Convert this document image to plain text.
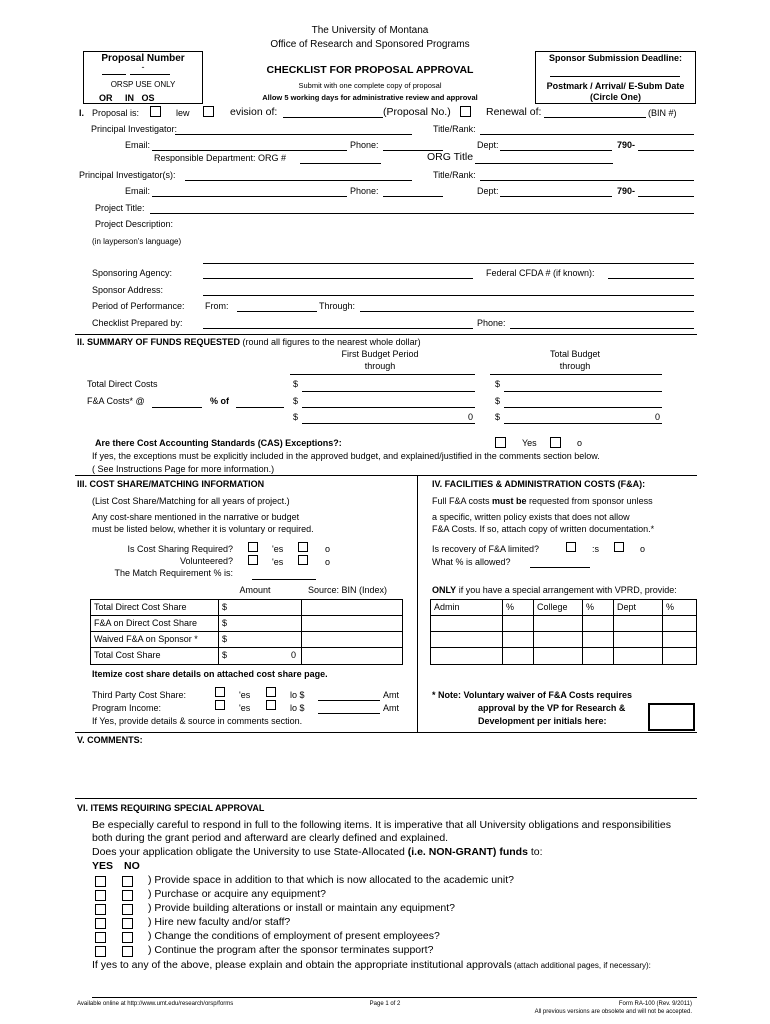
The University of Montana
Office of Research and Sponsored Programs
CHECKLIST FOR PROPOSAL APPROVAL
Submit with one complete copy of proposal
Allow 5 working days for administrative review and approval
Proposal Number
-
ORSP USE ONLY
OR     IN   OS
Sponsor Submission Deadline:
Postmark / Arrival/ E-Subm Date
(Circle One)
I. Proposal is:	lew	evision of:	(Proposal No.)	Renewal of:	(BIN #)
Principal Investigator:	Title/Rank:
Email:	Phone:	Dept:	790-
Responsible Department: ORG #	ORG Title
Principal Investigator(s):	Title/Rank:
Email:	Phone:	Dept:	790-
Project Title:
Project Description:
(in layperson's language)
Sponsoring Agency:	Federal CFDA # (if known):
Sponsor Address:
Period of Performance: From:	Through:
Checklist Prepared by:	Phone:
II. SUMMARY OF FUNDS REQUESTED (round all figures to the nearest whole dollar)
First Budget Period
through
Total Budget
through
Total Direct Costs	$	$
F&A Costs* @	% of	$	$
$	0 $	0
Are there Cost Accounting Standards (CAS) Exceptions?:	Yes	o
If yes, the exceptions must be explicitly included in the approved budget, and explained/justified in the comments section below.
( See Instructions Page for more information.)
III. COST SHARE/MATCHING INFORMATION
(List Cost Share/Matching for all years of project.)
Any cost-share mentioned in the narrative or budget
must be listed below, whether it is voluntary or required.
Is Cost Sharing Required?	'es	o
Volunteered?	'es	o
The Match Requirement % is:
Amount	Source: BIN (Index)
Total Direct Cost Share	$
F&A on Direct Cost Share	$
Waived F&A on Sponsor *	$
Total Cost Share	$	0
Itemize cost share details on attached cost share page.
Third Party Cost Share:	'es	lo $	Amt
Program Income:	'es	lo $	Amt
If Yes, provide details & source in comments section.
IV. FACILITIES & ADMINISTRATION COSTS (F&A):
Full F&A costs must be requested from sponsor unless
a specific, written policy exists that does not allow
F&A Costs. If so, attach copy of written documentation.*
Is recovery of F&A limited?	:s	o
What % is allowed?
ONLY if you have a special arrangement with VPRD, provide:
Admin	%	College	%	Dept	%
* Note: Voluntary waiver of F&A Costs requires
approval by the VP for Research &
Development per initials here:
V. COMMENTS:
VI. ITEMS REQUIRING SPECIAL APPROVAL
Be especially careful to respond in full to the following items. It is imperative that all University obligations and responsibilities
both during the grant period and afterward are clearly defined and explained.
Does your application obligate the University to use State-Allocated (i.e. NON-GRANT) funds to:
YES NO
) Provide space in addition to that which is now allocated to the academic unit?
) Purchase or acquire any equipment?
) Provide building alterations or install or maintain any equipment?
) Hire new faculty and/or staff?
) Change the conditions of employment of present employees?
) Continue the program after the sponsor terminates support?
If yes to any of the above, please explain and obtain the appropriate institutional approvals (attach additional pages, if necessary):
Available online at http://www.umt.edu/research/orsp/forms	Page 1 of 2	Form RA-100 (Rev. 9/2011)
All previous versions are obsolete and will not be accepted.
